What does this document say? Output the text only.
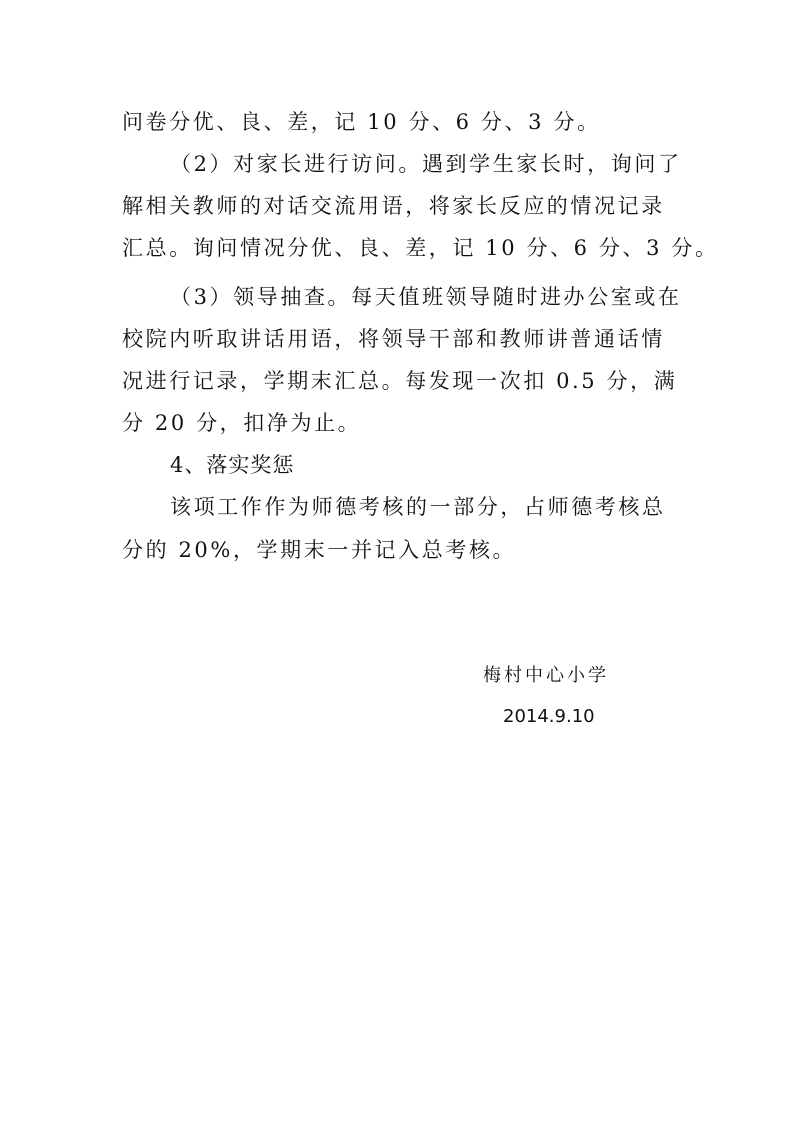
问卷分优、良、差，记 10 分、6 分、3 分。
（2）对家长进行访问。遇到学生家长时，询问了
解相关教师的对话交流用语，将家长反应的情况记录
汇总。询问情况分优、良、差，记 10 分、6 分、3 分。
（3）领导抽查。每天值班领导随时进办公室或在
校院内听取讲话用语，将领导干部和教师讲普通话情
况进行记录，学期末汇总。每发现一次扣 0.5 分，满
分 20 分，扣净为止。
4、落实奖惩
该项工作作为师德考核的一部分，占师德考核总
分的 20%，学期末一并记入总考核。
梅村中心小学
2014.9.10
